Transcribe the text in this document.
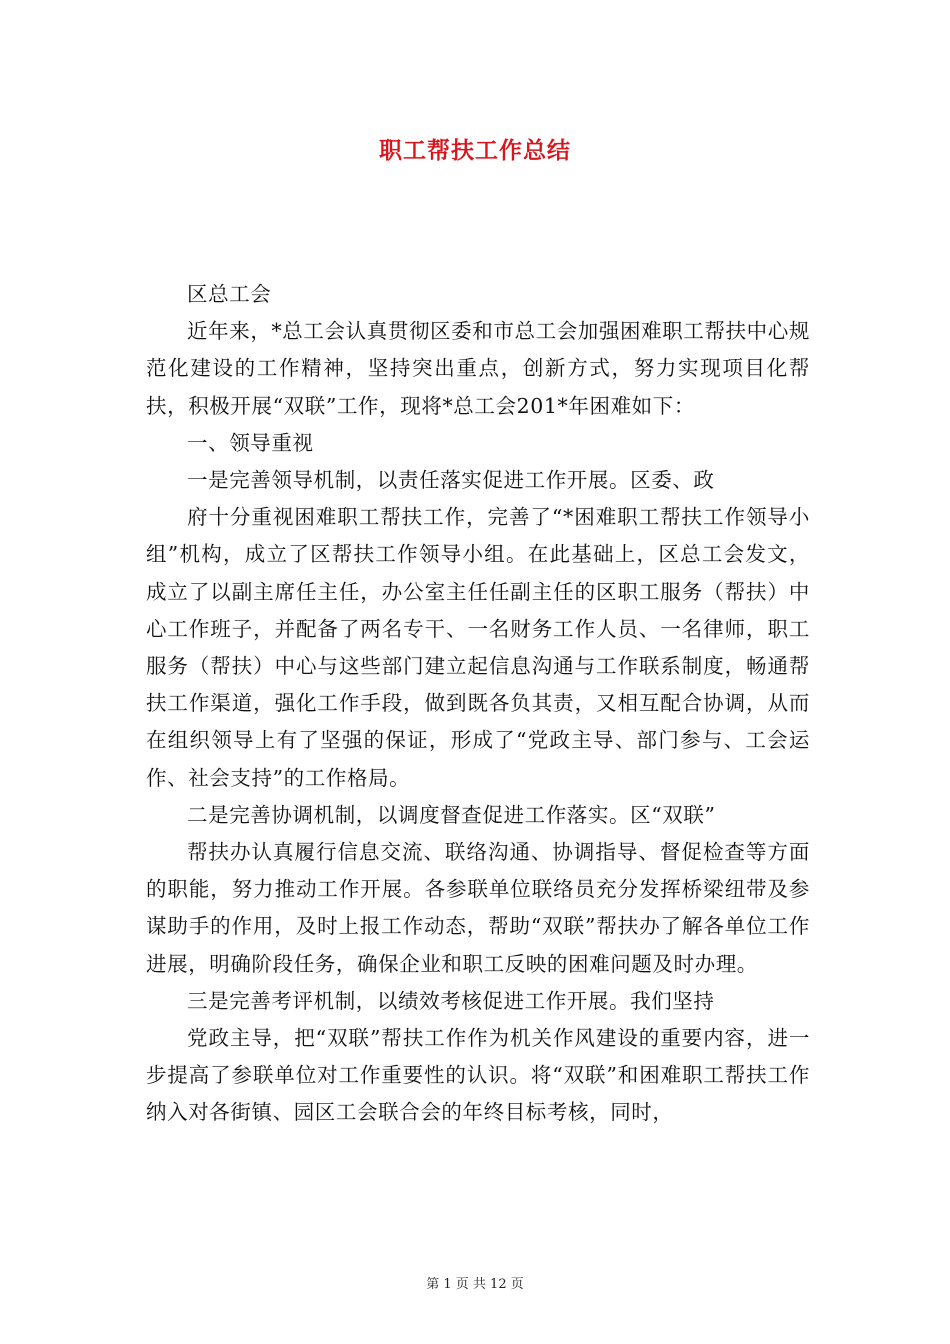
职工帮扶工作总结

区总工会

近年来，*总工会认真贯彻区委和市总工会加强困难职工帮扶中心规范化建设的工作精神，坚持突出重点，创新方式，努力实现项目化帮扶，积极开展“双联”工作，现将*总工会201*年困难如下：

一、领导重视

一是完善领导机制，以责任落实促进工作开展。区委、政

府十分重视困难职工帮扶工作，完善了“*困难职工帮扶工作领导小组”机构，成立了区帮扶工作领导小组。在此基础上，区总工会发文，成立了以副主席任主任，办公室主任任副主任的区职工服务（帮扶）中心工作班子，并配备了两名专干、一名财务工作人员、一名律师，职工服务（帮扶）中心与这些部门建立起信息沟通与工作联系制度，畅通帮扶工作渠道，强化工作手段，做到既各负其责，又相互配合协调，从而在组织领导上有了坚强的保证，形成了“党政主导、部门参与、工会运作、社会支持”的工作格局。

二是完善协调机制，以调度督查促进工作落实。区“双联”

帮扶办认真履行信息交流、联络沟通、协调指导、督促检查等方面的职能，努力推动工作开展。各参联单位联络员充分发挥桥梁纽带及参谋助手的作用，及时上报工作动态，帮助“双联”帮扶办了解各单位工作进展，明确阶段任务，确保企业和职工反映的困难问题及时办理。

三是完善考评机制，以绩效考核促进工作开展。我们坚持

党政主导，把“双联”帮扶工作作为机关作风建设的重要内容，进一步提高了参联单位对工作重要性的认识。将“双联”和困难职工帮扶工作纳入对各街镇、园区工会联合会的年终目标考核，同时，

第 1 页 共 12 页
